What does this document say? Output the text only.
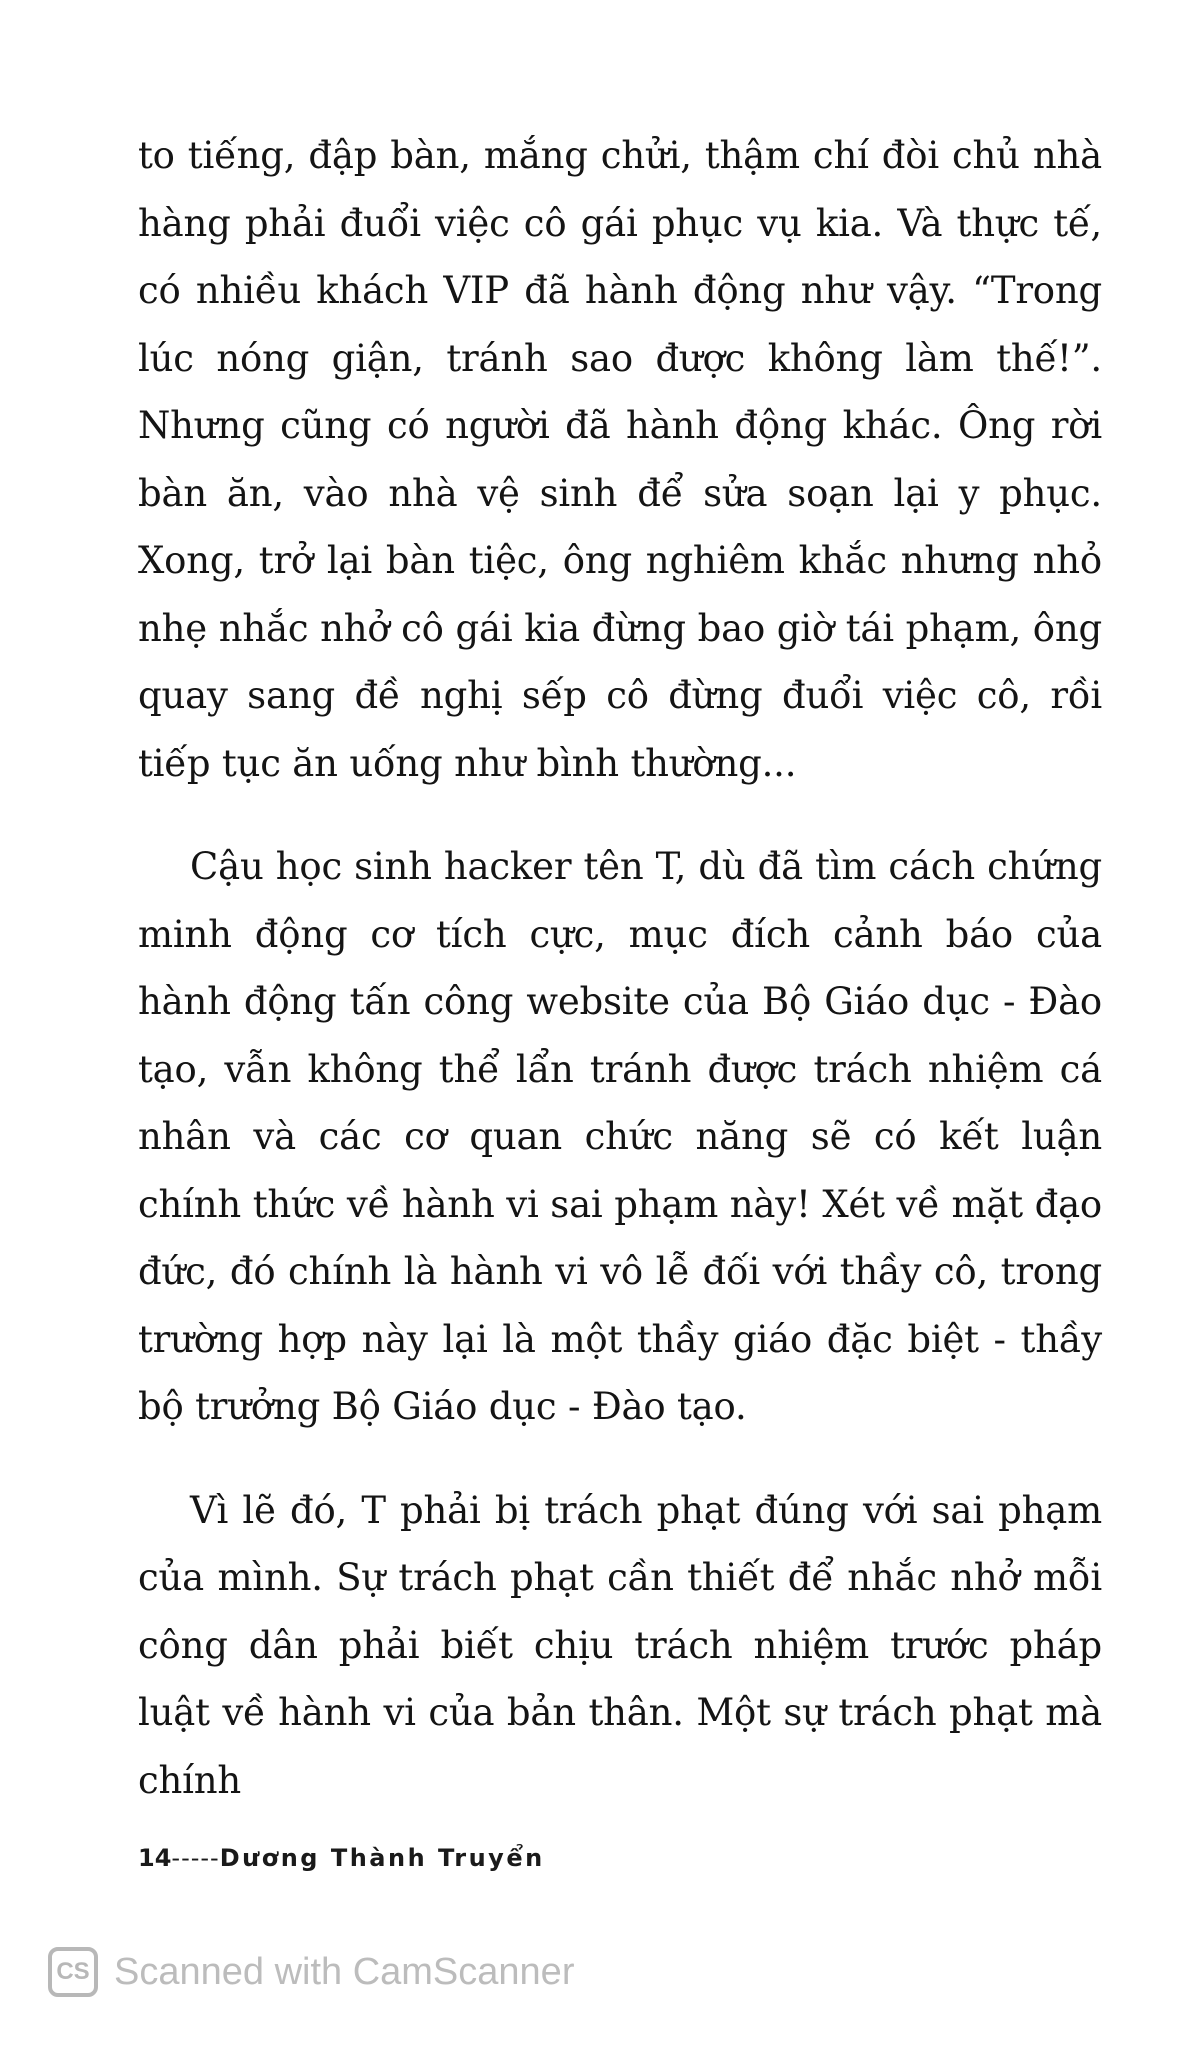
to tiếng, đập bàn, mắng chửi, thậm chí đòi chủ nhà hàng phải đuổi việc cô gái phục vụ kia. Và thực tế, có nhiều khách VIP đã hành động như vậy. “Trong lúc nóng giận, tránh sao được không làm thế!”. Nhưng cũng có người đã hành động khác. Ông rời bàn ăn, vào nhà vệ sinh để sửa soạn lại y phục. Xong, trở lại bàn tiệc, ông nghiêm khắc nhưng nhỏ nhẹ nhắc nhở cô gái kia đừng bao giờ tái phạm, ông quay sang đề nghị sếp cô đừng đuổi việc cô, rồi tiếp tục ăn uống như bình thường...

Cậu học sinh hacker tên T, dù đã tìm cách chứng minh động cơ tích cực, mục đích cảnh báo của hành động tấn công website của Bộ Giáo dục - Đào tạo, vẫn không thể lẩn tránh được trách nhiệm cá nhân và các cơ quan chức năng sẽ có kết luận chính thức về hành vi sai phạm này! Xét về mặt đạo đức, đó chính là hành vi vô lễ đối với thầy cô, trong trường hợp này lại là một thầy giáo đặc biệt - thầy bộ trưởng Bộ Giáo dục - Đào tạo.

Vì lẽ đó, T phải bị trách phạt đúng với sai phạm của mình. Sự trách phạt cần thiết để nhắc nhở mỗi công dân phải biết chịu trách nhiệm trước pháp luật về hành vi của bản thân. Một sự trách phạt mà chính

14-----Dương Thành Truyển
CS Scanned with CamScanner
